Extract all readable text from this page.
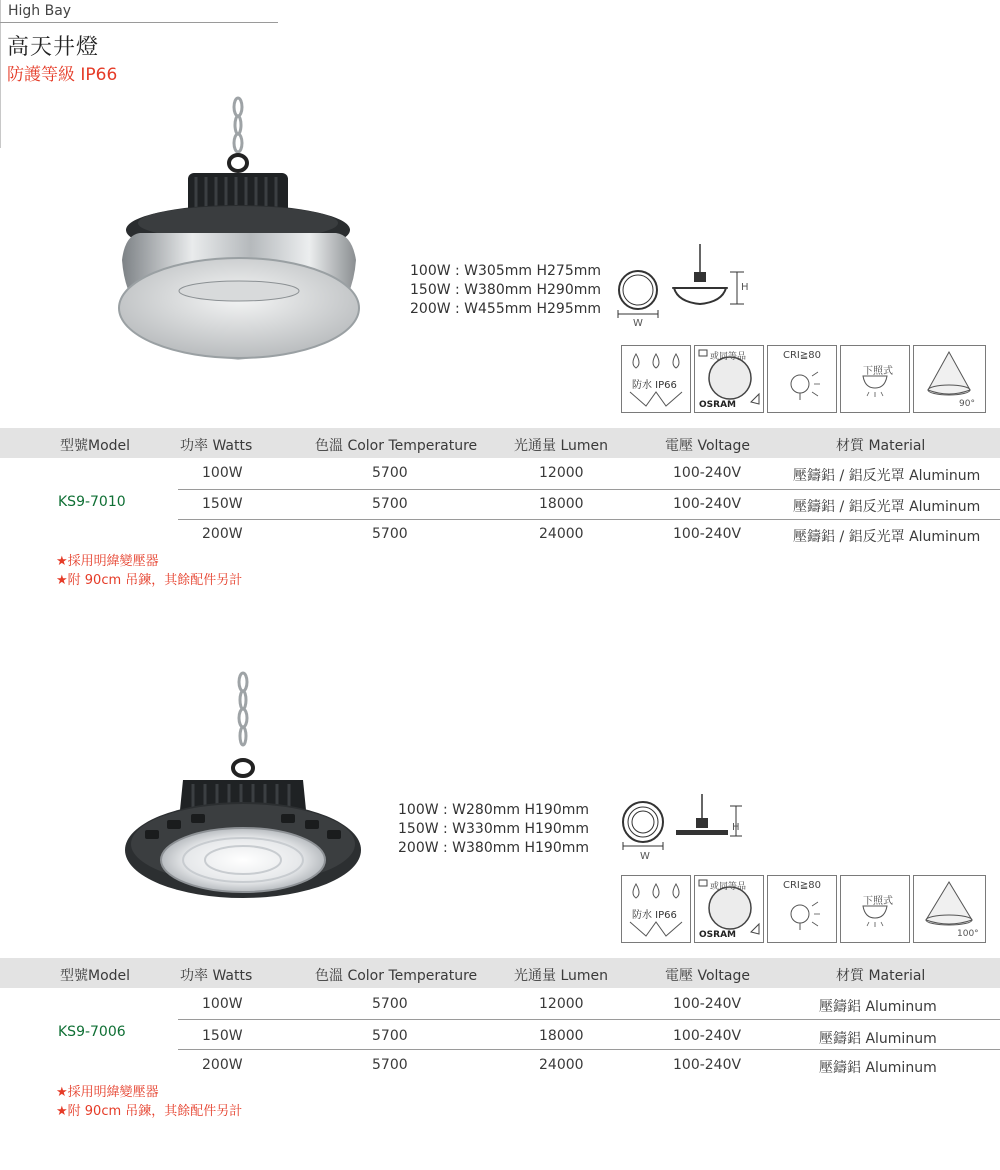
High Bay
高天井燈
防護等級 IP66
100W : W305mm H275mm
150W : W380mm H290mm
200W : W455mm H295mm
W
H
防水 IP66
或同等品
OSRAM
CRI≧80
下照式
90°
型號Model	功率 Watts	色溫 Color Temperature	光通量 Lumen	電壓 Voltage	材質 Material
KS9-7010
100W	5700	12000	100-240V	壓鑄鋁 / 鋁反光罩 Aluminum
150W	5700	18000	100-240V	壓鑄鋁 / 鋁反光罩 Aluminum
200W	5700	24000	100-240V	壓鑄鋁 / 鋁反光罩 Aluminum
★採用明緯變壓器
★附 90cm 吊鍊，其餘配件另計
100W : W280mm H190mm
150W : W330mm H190mm
200W : W380mm H190mm
W
H
防水 IP66
或同等品
OSRAM
CRI≧80
下照式
100°
型號Model	功率 Watts	色溫 Color Temperature	光通量 Lumen	電壓 Voltage	材質 Material
KS9-7006
100W	5700	12000	100-240V	壓鑄鋁 Aluminum
150W	5700	18000	100-240V	壓鑄鋁 Aluminum
200W	5700	24000	100-240V	壓鑄鋁 Aluminum
★採用明緯變壓器
★附 90cm 吊鍊，其餘配件另計
